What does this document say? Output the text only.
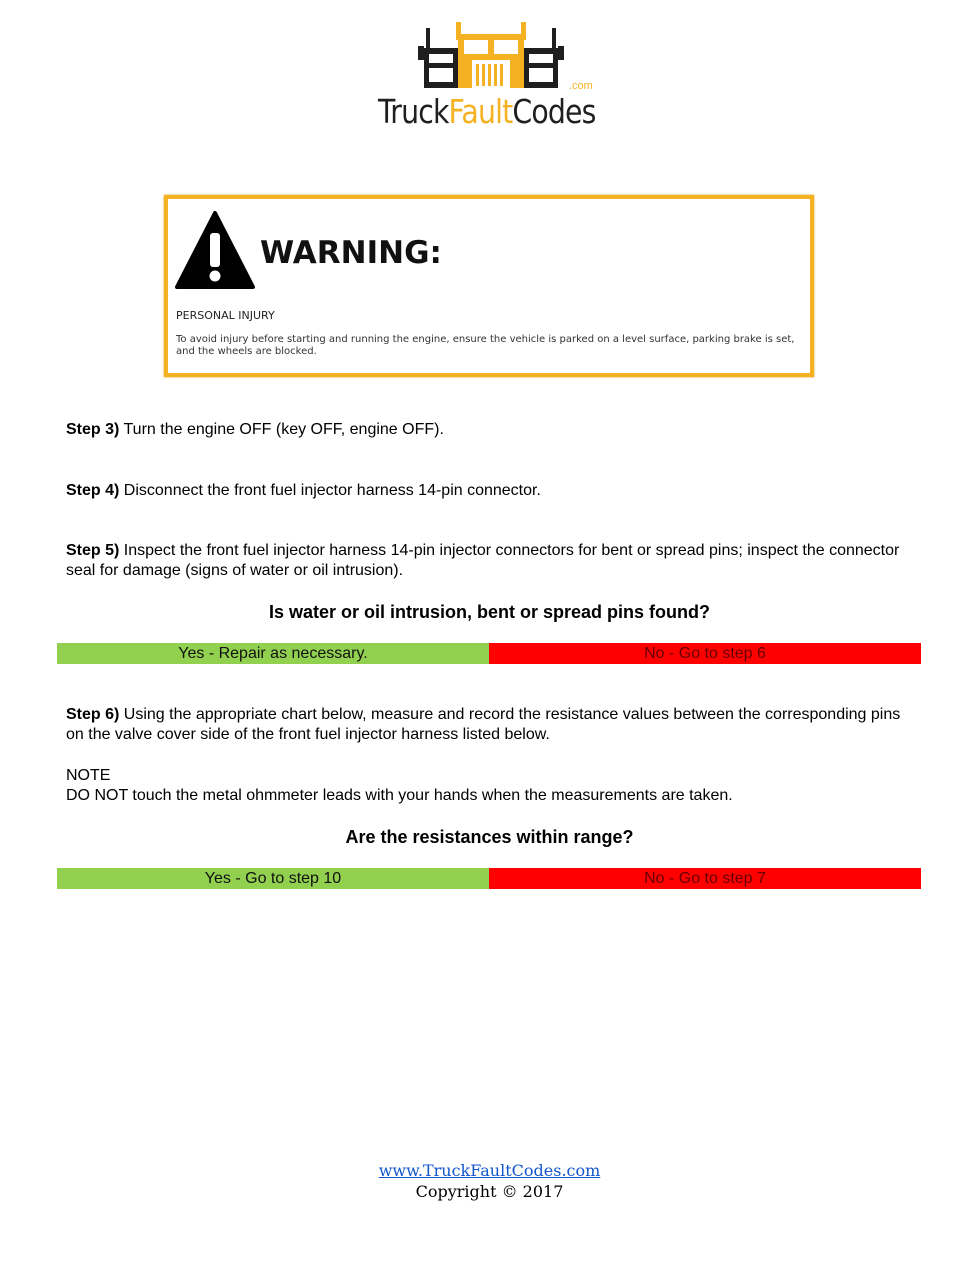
TruckFaultCodes
.com
WARNING:
PERSONAL INJURY
To avoid injury before starting and running the engine, ensure the vehicle is parked on a level surface, parking brake is set, and the wheels are blocked.
Step 3) Turn the engine OFF (key OFF, engine OFF).
Step 4) Disconnect the front fuel injector harness 14-pin connector.
Step 5) Inspect the front fuel injector harness 14-pin injector connectors for bent or spread pins; inspect the connector seal for damage (signs of water or oil intrusion).
Is water or oil intrusion, bent or spread pins found?
Yes - Repair as necessary.	No - Go to step 6
Step 6) Using the appropriate chart below, measure and record the resistance values between the corresponding pins on the valve cover side of the front fuel injector harness listed below.
NOTE
DO NOT touch the metal ohmmeter leads with your hands when the measurements are taken.
Are the resistances within range?
Yes - Go to step 10	No - Go to step 7
www.TruckFaultCodes.com
Copyright © 2017
